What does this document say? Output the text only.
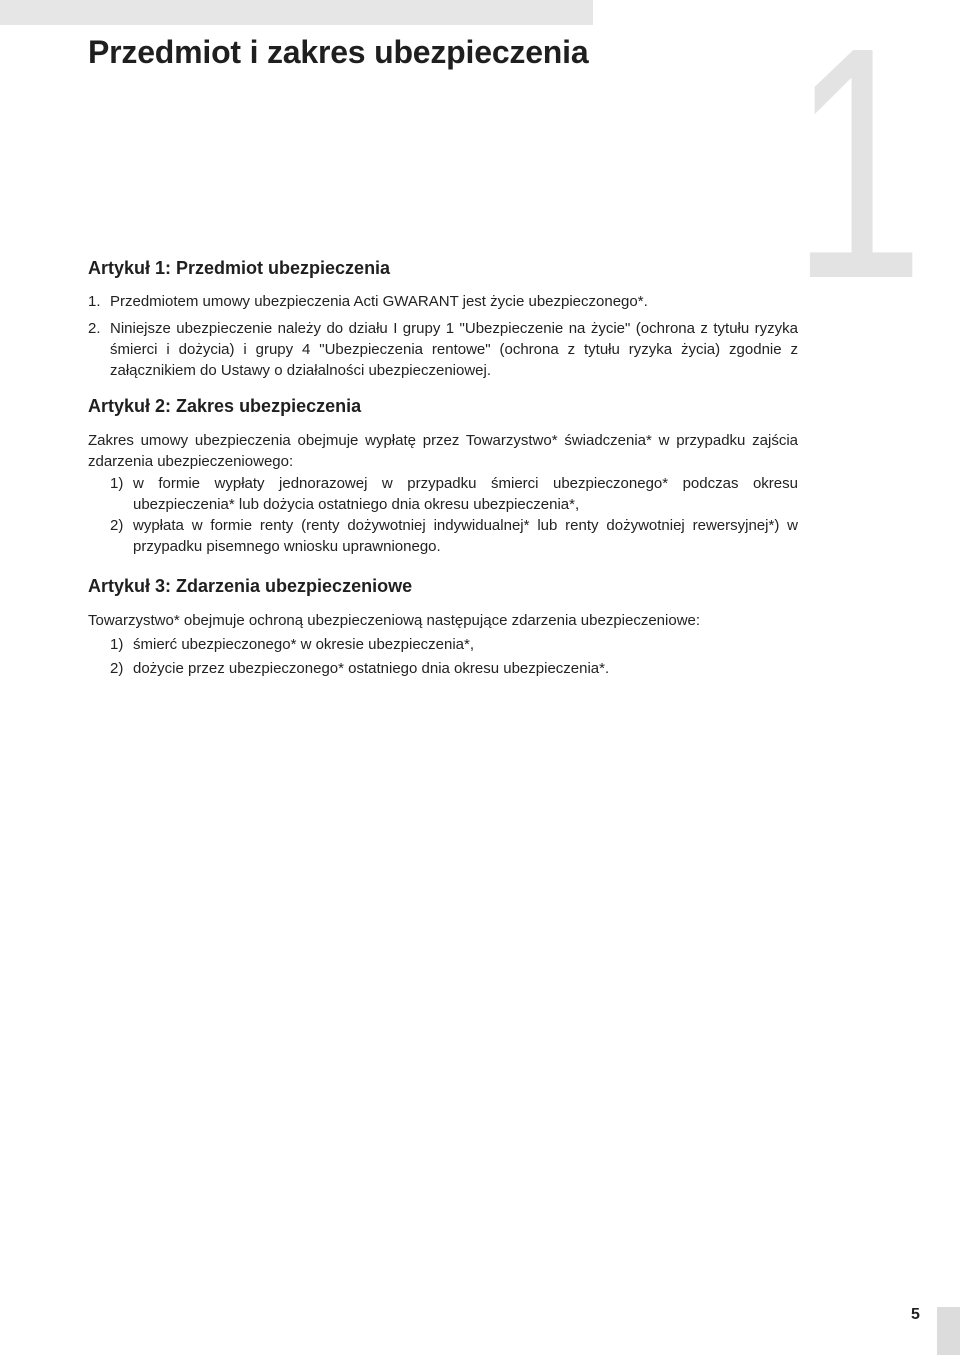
Przedmiot i zakres ubezpieczenia 1
Artykuł 1: Przedmiot ubezpieczenia
1. Przedmiotem umowy ubezpieczenia Acti GWARANT jest życie ubezpieczonego*.

2. Niniejsze ubezpieczenie należy do działu I grupy 1 "Ubezpieczenie na życie" (ochrona z tytułu ryzyka śmierci i dożycia) i grupy 4 "Ubezpieczenia rentowe" (ochrona z tytułu ryzyka życia) zgodnie z załącznikiem do Ustawy o działalności ubezpieczeniowej.

Artykuł 2: Zakres ubezpieczenia

Zakres umowy ubezpieczenia obejmuje wypłatę przez Towarzystwo* świadczenia* w przypadku zajścia zdarzenia ubezpieczeniowego:

1) w formie wypłaty jednorazowej w przypadku śmierci ubezpieczonego* podczas okresu ubezpieczenia* lub dożycia ostatniego dnia okresu ubezpieczenia*,

2) wypłata w formie renty (renty dożywotniej indywidualnej* lub renty dożywotniej rewersyjnej*) w przypadku pisemnego wniosku uprawnionego.

Artykuł 3: Zdarzenia ubezpieczeniowe

Towarzystwo* obejmuje ochroną ubezpieczeniową następujące zdarzenia ubezpieczeniowe:

1) śmierć ubezpieczonego* w okresie ubezpieczenia*,

2) dożycie przez ubezpieczonego* ostatniego dnia okresu ubezpieczenia*.

5
